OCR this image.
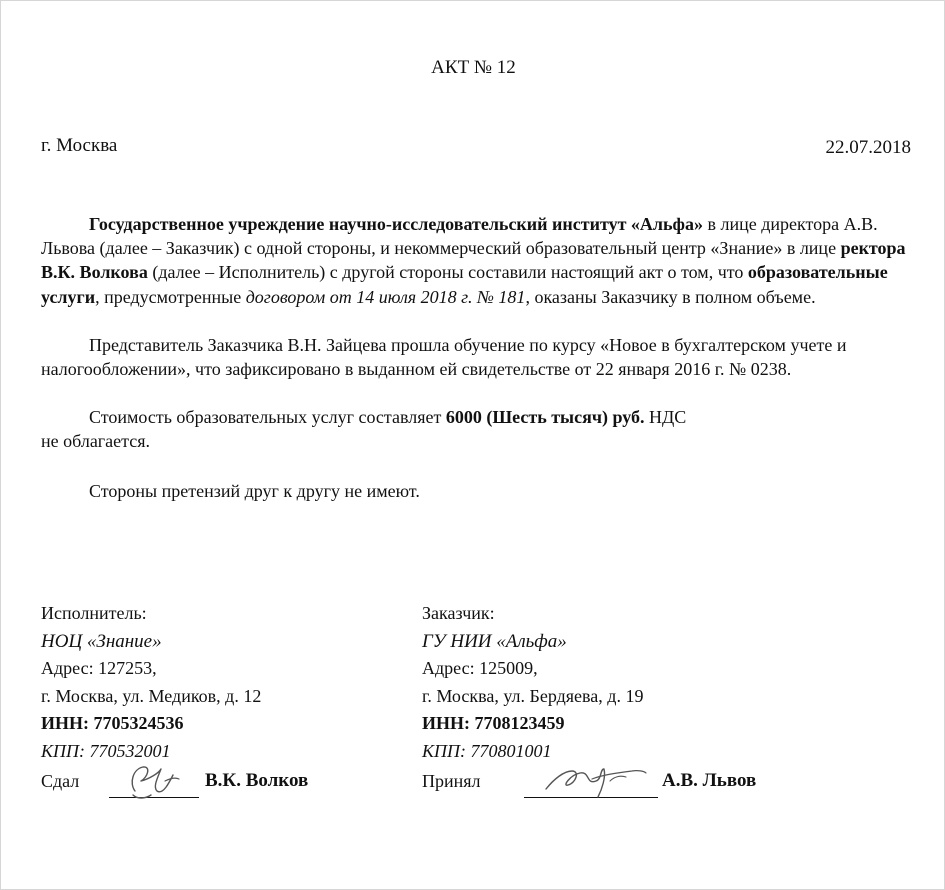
АКТ № 12
г. Москва	22.07.2018

Государственное учреждение научно-исследовательский институт «Альфа» в лице директора А.В. Львова (далее – Заказчик) с одной стороны, и некоммерческий образовательный центр «Знание» в лице ректора В.К. Волкова (далее – Исполнитель) с другой стороны составили настоящий акт о том, что образовательные услуги, предусмотренные договором от 14 июля 2018 г. № 181, оказаны Заказчику в полном объеме.

Представитель Заказчика В.Н. Зайцева прошла обучение по курсу «Новое в бухгалтерском учете и налогообложении», что зафиксировано в выданном ей свидетельстве от 22 января 2016 г. № 0238.

Стоимость образовательных услуг составляет 6000 (Шесть тысяч) руб. НДС
не облагается.

Стороны претензий друг к другу не имеют.

Исполнитель:
НОЦ «Знание»
Адрес: 127253,
г. Москва, ул. Медиков, д. 12
ИНН: 7705324536
КПП: 770532001
Заказчик:
ГУ НИИ «Альфа»
Адрес: 125009,
г. Москва, ул. Бердяева, д. 19
ИНН: 7708123459
КПП: 770801001
Сдал	В.К. Волков	Принял	А.В. Львов
